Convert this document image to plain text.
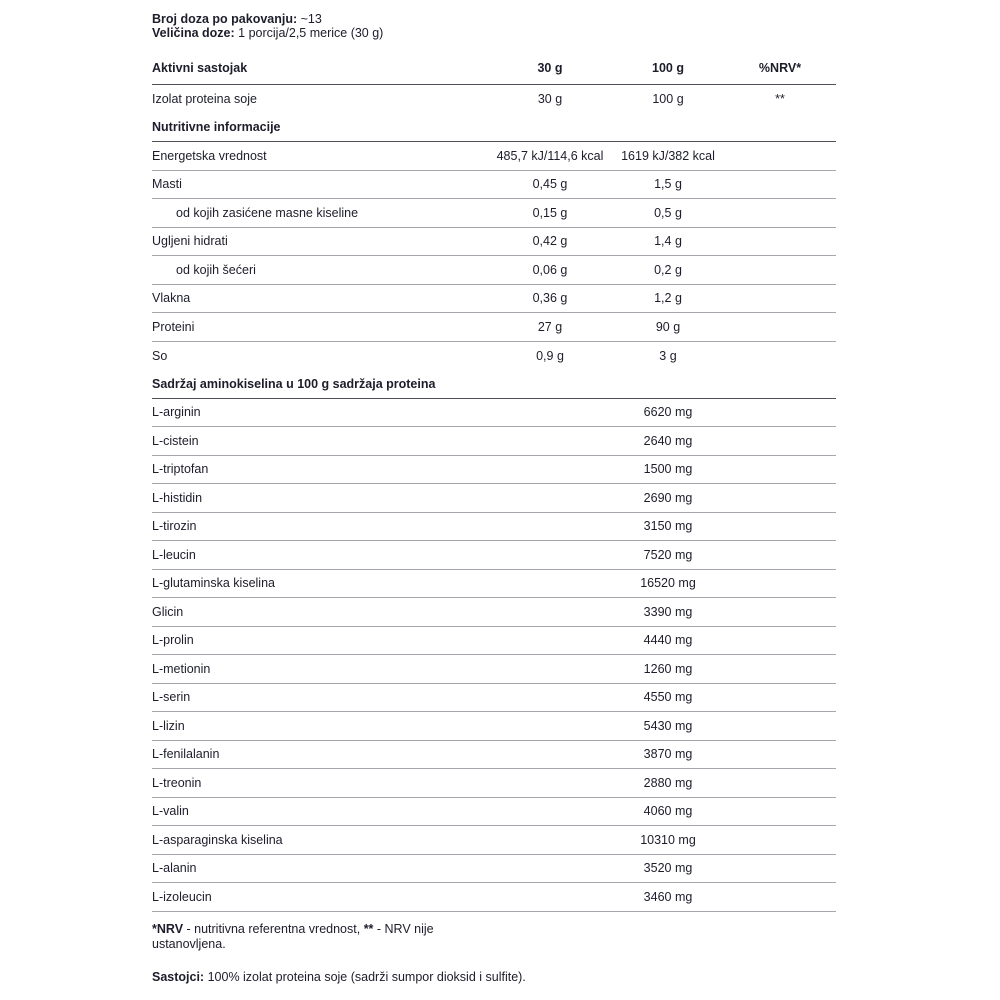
Broj doza po pakovanju: ~13
Veličina doze: 1 porcija/2,5 merice (30 g)
Aktivni sastojak	30 g	100 g	%NRV*
Izolat proteina soje	30 g	100 g	**
Nutritivne informacije
Energetska vrednost	485,7 kJ/114,6 kcal	1619 kJ/382 kcal
Masti	0,45 g	1,5 g
od kojih zasićene masne kiseline	0,15 g	0,5 g
Ugljeni hidrati	0,42 g	1,4 g
od kojih šećeri	0,06 g	0,2 g
Vlakna	0,36 g	1,2 g
Proteini	27 g	90 g
So	0,9 g	3 g
Sadržaj aminokiselina u 100 g sadržaja proteina
L-arginin	6620 mg
L-cistein	2640 mg
L-triptofan	1500 mg
L-histidin	2690 mg
L-tirozin	3150 mg
L-leucin	7520 mg
L-glutaminska kiselina	16520 mg
Glicin	3390 mg
L-prolin	4440 mg
L-metionin	1260 mg
L-serin	4550 mg
L-lizin	5430 mg
L-fenilalanin	3870 mg
L-treonin	2880 mg
L-valin	4060 mg
L-asparaginska kiselina	10310 mg
L-alanin	3520 mg
L-izoleucin	3460 mg
*NRV - nutritivna referentna vrednost, ** - NRV nije ustanovljena.
Sastojci: 100% izolat proteina soje (sadrži sumpor dioksid i sulfite).
